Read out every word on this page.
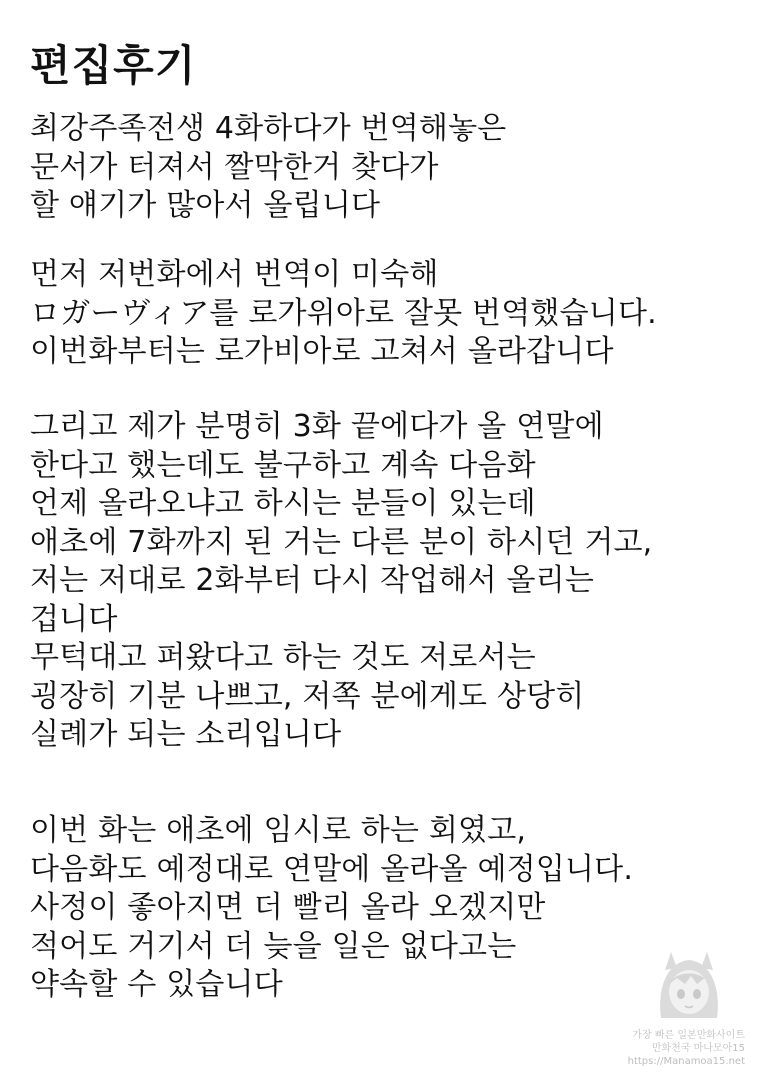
편집후기
최강주족전생 4화하다가 번역해놓은
문서가 터져서 짤막한거 찾다가
할 얘기가 많아서 올립니다
먼저 저번화에서 번역이 미숙해
ロガーヴィア를 로가위아로 잘못 번역했습니다.
이번화부터는 로가비아로 고쳐서 올라갑니다
그리고 제가 분명히 3화 끝에다가 올 연말에
한다고 했는데도 불구하고 계속 다음화
언제 올라오냐고 하시는 분들이 있는데
애초에 7화까지 된 거는 다른 분이 하시던 거고,
저는 저대로 2화부터 다시 작업해서 올리는
겁니다
무턱대고 퍼왔다고 하는 것도 저로서는
굉장히 기분 나쁘고, 저쪽 분에게도 상당히
실례가 되는 소리입니다
이번 화는 애초에 임시로 하는 회였고,
다음화도 예정대로 연말에 올라올 예정입니다.
사정이 좋아지면 더 빨리 올라 오겠지만
적어도 거기서 더 늦을 일은 없다고는
약속할 수 있습니다
가장 빠른 일본만화사이트
만화천국 마나모아15
https://Manamoa15.net
